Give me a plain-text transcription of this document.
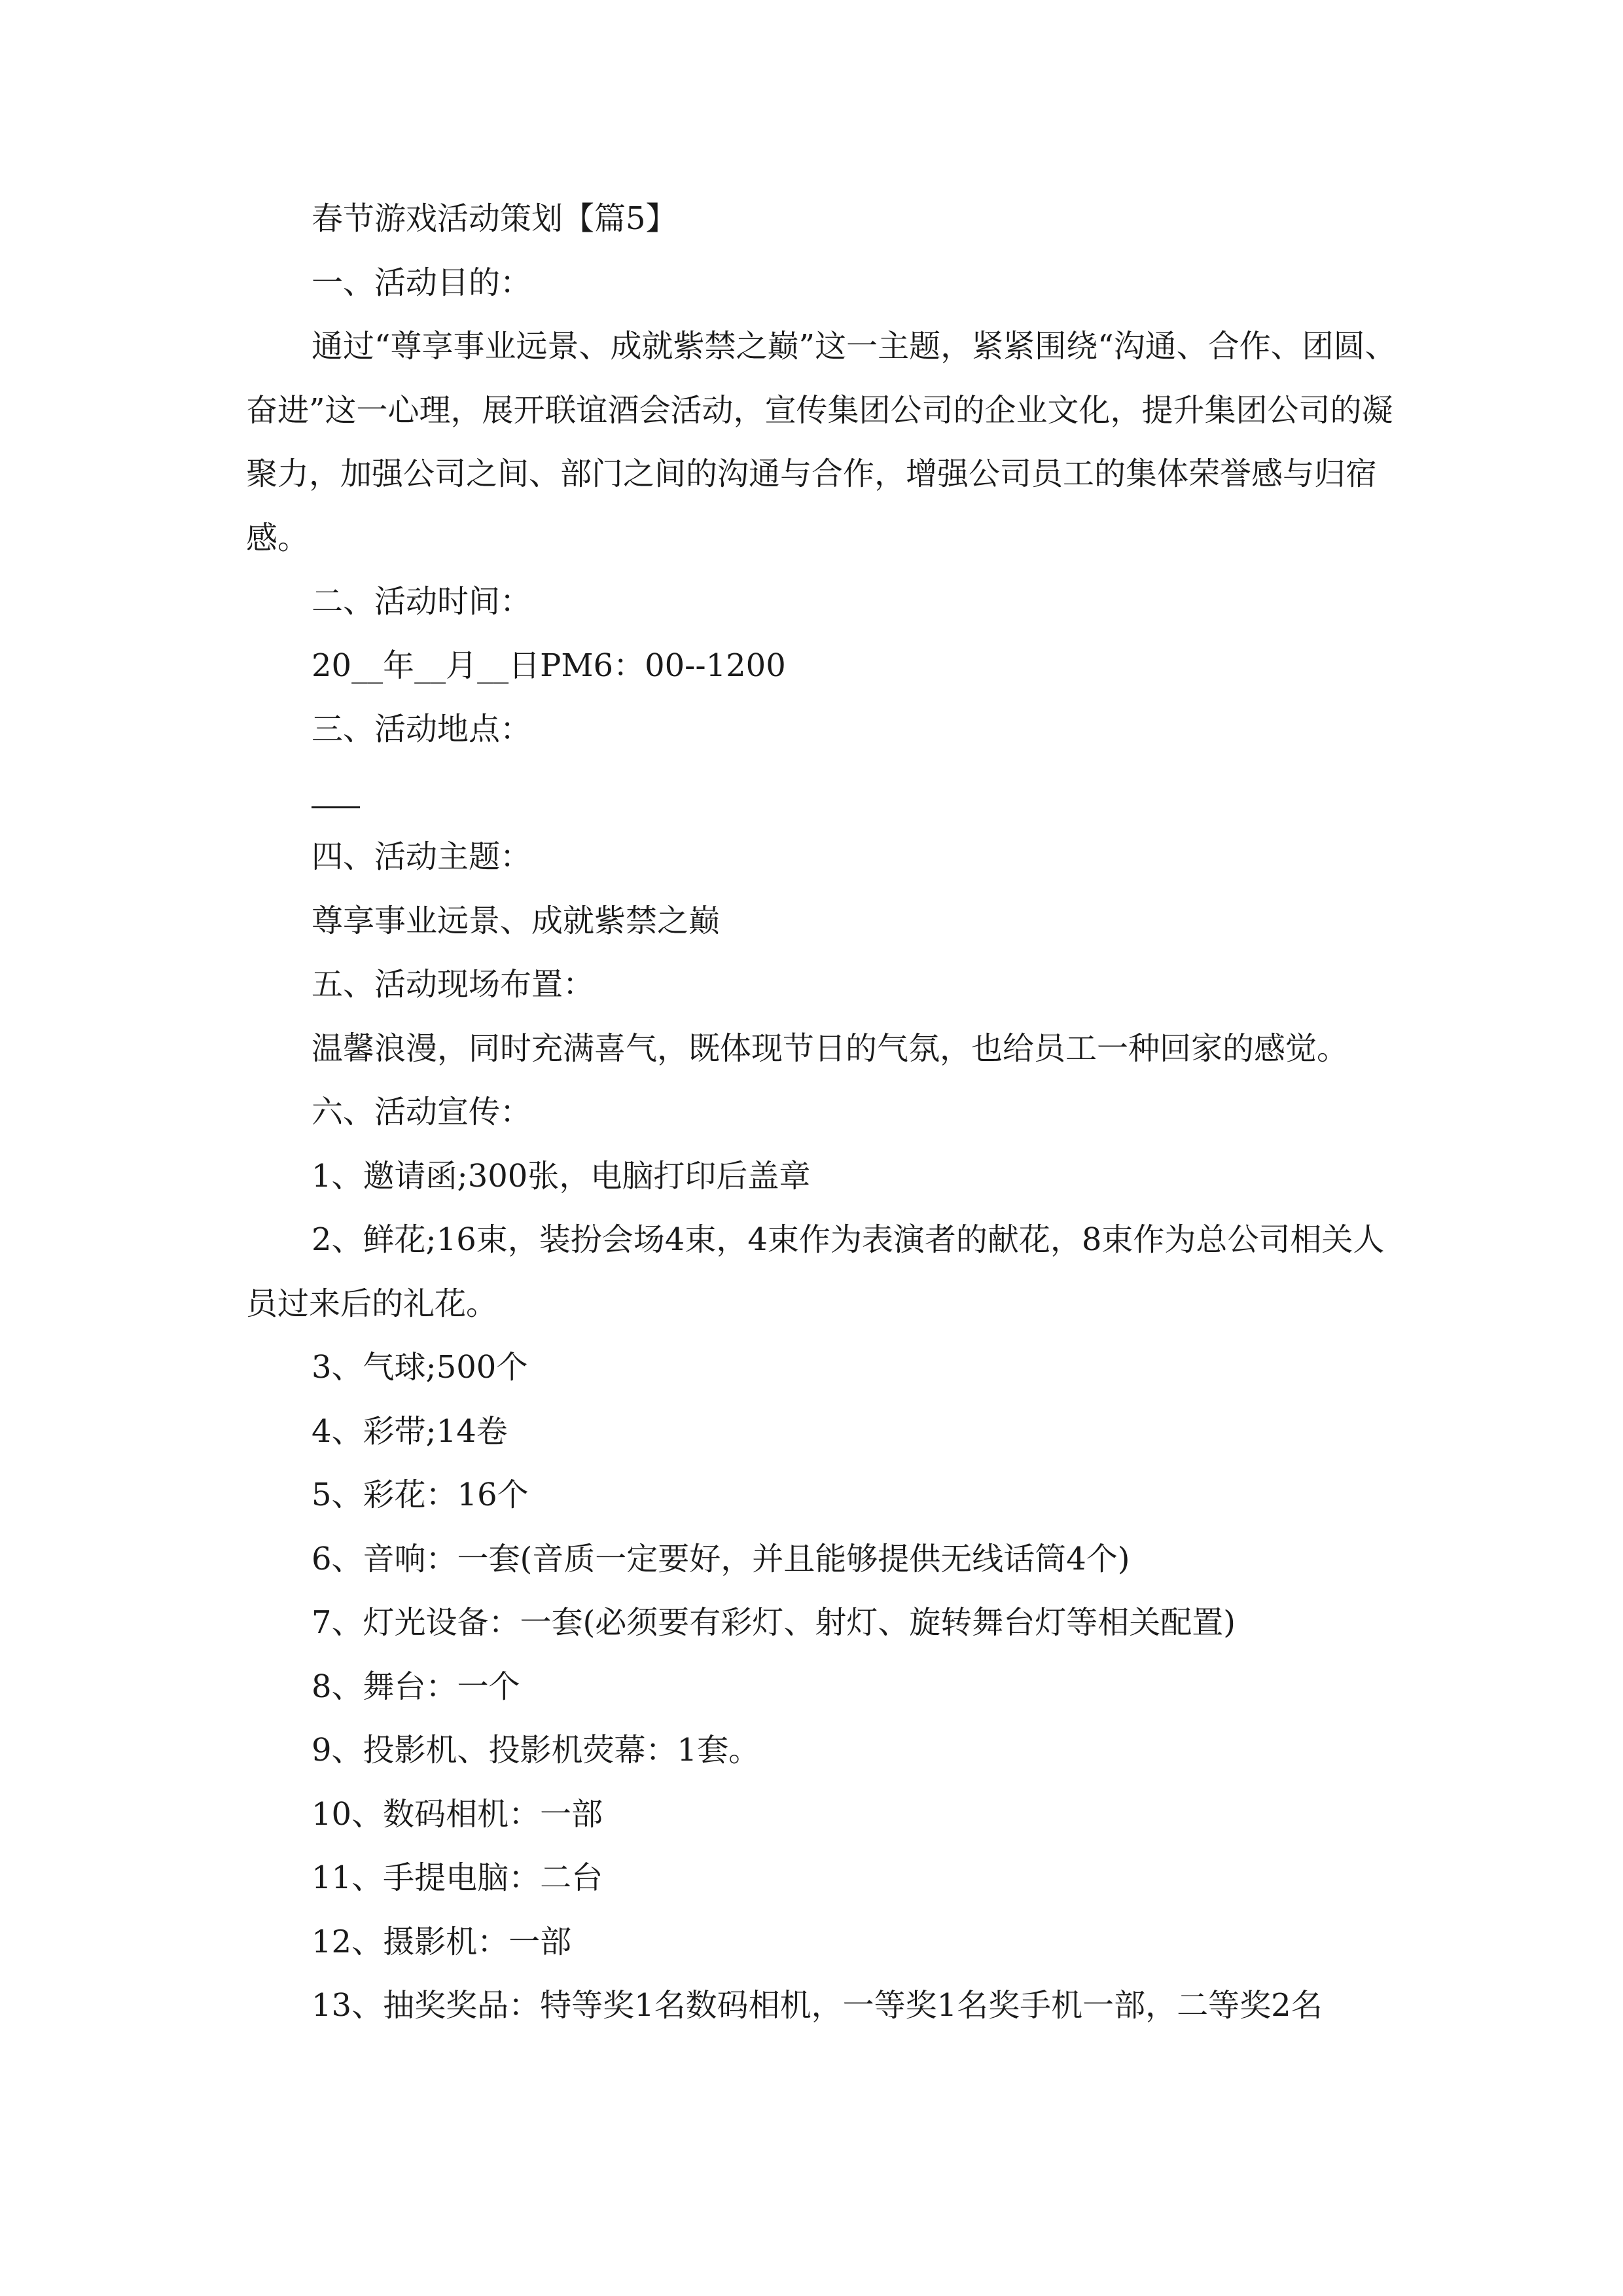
春节游戏活动策划【篇5】

一、活动目的：

通过“尊享事业远景、成就紫禁之巅”这一主题，紧紧围绕“沟通、合作、团圆、奋进”这一心理，展开联谊酒会活动，宣传集团公司的企业文化，提升集团公司的凝聚力，加强公司之间、部门之间的沟通与合作，增强公司员工的集体荣誉感与归宿感。

二、活动时间：

20__年__月__日PM6：00--1200

三、活动地点：

四、活动主题：

尊享事业远景、成就紫禁之巅

五、活动现场布置：

温馨浪漫，同时充满喜气，既体现节日的气氛，也给员工一种回家的感觉。

六、活动宣传：

1、邀请函;300张，电脑打印后盖章

2、鲜花;16束，装扮会场4束，4束作为表演者的献花，8束作为总公司相关人员过来后的礼花。

3、气球;500个

4、彩带;14卷

5、彩花：16个

6、音响：一套(音质一定要好，并且能够提供无线话筒4个)

7、灯光设备：一套(必须要有彩灯、射灯、旋转舞台灯等相关配置)

8、舞台：一个

9、投影机、投影机荧幕：1套。

10、数码相机：一部

11、手提电脑：二台

12、摄影机：一部

13、抽奖奖品：特等奖1名数码相机，一等奖1名奖手机一部，二等奖2名
